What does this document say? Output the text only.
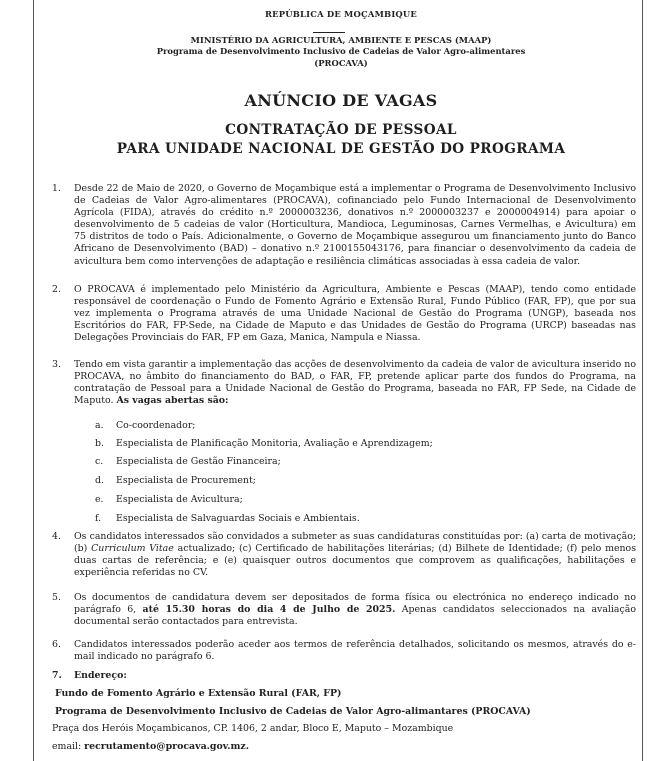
REPÚBLICA DE MOÇAMBIQUE
MINISTÉRIO DA AGRICULTURA, AMBIENTE E PESCAS (MAAP)
Programa de Desenvolvimento Inclusivo de Cadeias de Valor Agro-alimentares
(PROCAVA)
ANÚNCIO DE VAGAS
CONTRATAÇÃO DE PESSOAL
PARA UNIDADE NACIONAL DE GESTÃO DO PROGRAMA
1. Desde 22 de Maio de 2020, o Governo de Moçambique está a implementar o Programa de Desenvolvimento Inclusivo de Cadeias de Valor Agro-alimentares (PROCAVA), cofinanciado pelo Fundo Internacional de Desenvolvimento Agrícola (FIDA), através do crédito n.º 2000003236, donativos n.º 2000003237 e 2000004914) para apoiar o desenvolvimento de 5 cadeias de valor (Horticultura, Mandioca, Leguminosas, Carnes Vermelhas, e Avicultura) em 75 distritos de todo o País. Adicionalmente, o Governo de Moçambique assegurou um financiamento junto do Banco Africano de Desenvolvimento (BAD) – donativo n.º 2100155043176, para financiar o desenvolvimento da cadeia de avicultura bem como intervenções de adaptação e resiliência climáticas associadas à essa cadeia de valor.
2. O PROCAVA é implementado pelo Ministério da Agricultura, Ambiente e Pescas (MAAP), tendo como entidade responsável de coordenação o Fundo de Fomento Agrário e Extensão Rural, Fundo Público (FAR, FP), que por sua vez implementa o Programa através de uma Unidade Nacional de Gestão do Programa (UNGP), baseada nos Escritórios do FAR, FP-Sede, na Cidade de Maputo e das Unidades de Gestão do Programa (URCP) baseadas nas Delegações Provinciais do FAR, FP em Gaza, Manica, Nampula e Niassa.
3. Tendo em vista garantir a implementação das acções de desenvolvimento da cadeia de valor de avicultura inserido no PROCAVA, no âmbito do financiamento do BAD, o FAR, FP, pretende aplicar parte dos fundos do Programa, na contratação de Pessoal para a Unidade Nacional de Gestão do Programa, baseada no FAR, FP Sede, na Cidade de Maputo. As vagas abertas são:
a.	Co-coordenador;
b.	Especialista de Planificação Monitoria, Avaliação e Aprendizagem;
c.	Especialista de Gestão Financeira;
d.	Especialista de Procurement;
e.	Especialista de Avicultura;
f.	Especialista de Salvaguardas Sociais e Ambientais.
4. Os candidatos interessados são convidados a submeter as suas candidaturas constituídas por: (a) carta de motivação; (b) Curriculum Vitae actualizado; (c) Certificado de habilitações literárias; (d) Bilhete de Identidade; (f) pelo menos duas cartas de referência; e (e) quaisquer outros documentos que comprovem as qualificações, habilitações e experiência referidas no CV.
5. Os documentos de candidatura devem ser depositados de forma física ou electrónica no endereço indicado no parágrafo 6, até 15.30 horas do dia 4 de Julho de 2025. Apenas candidatos seleccionados na avaliação documental serão contactados para entrevista.
6. Candidatos interessados poderão aceder aos termos de referência detalhados, solicitando os mesmos, através do e-mail indicado no parágrafo 6.
7. Endereço:
Fundo de Fomento Agrário e Extensão Rural (FAR, FP)
Programa de Desenvolvimento Inclusivo de Cadeias de Valor Agro-alimantares (PROCAVA)
Praça dos Heróis Moçambicanos, CP. 1406, 2 andar, Bloco E, Maputo – Mozambique
email: recrutamento@procava.gov.mz.
